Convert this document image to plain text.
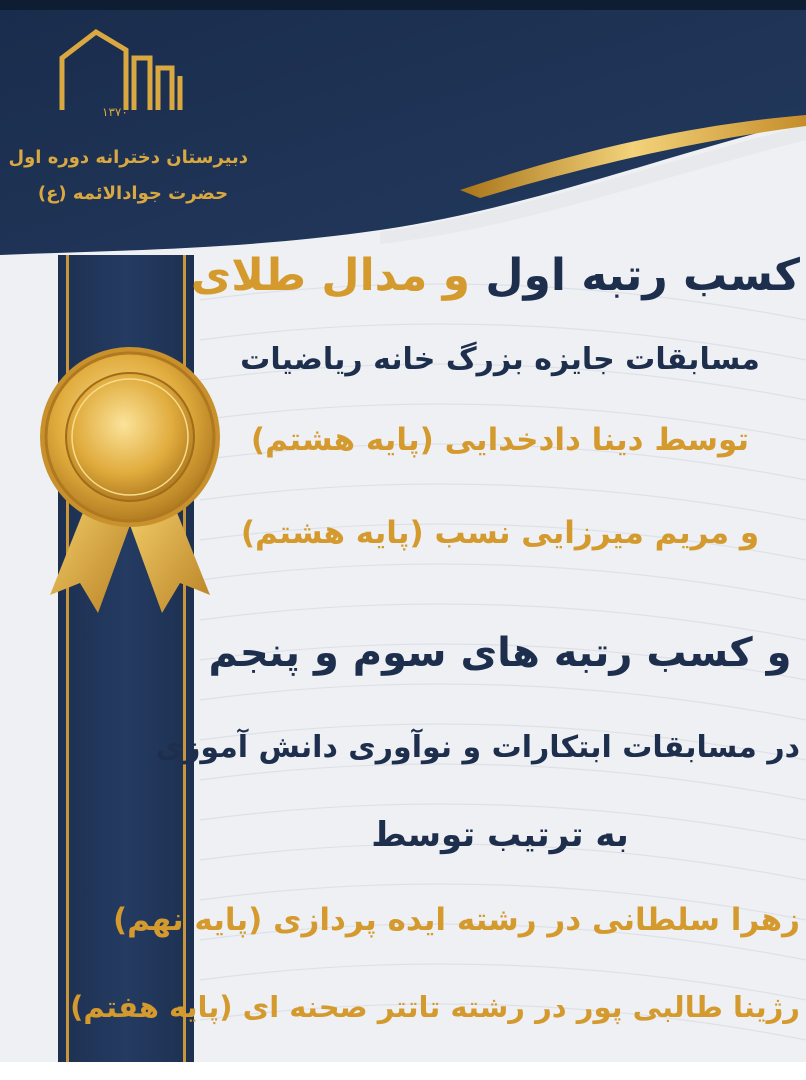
۱۳۷۰
دبیرستان دخترانه دوره اول
حضرت جوادالائمه (ع)
کسب رتبه اول و مدال طلای
مسابقات جایزه بزرگ خانه ریاضیات
توسط دینا دادخدایی (پایه هشتم)
و مریم میرزایی نسب (پایه هشتم)
و کسب رتبه های سوم و پنجم
در مسابقات ابتکارات و نوآوری دانش آموزی
به ترتیب توسط
زهرا سلطانی در رشته ایده پردازی (پایه نهم)
رژینا طالبی پور در رشته تاتتر صحنه ای (پایه هفتم)
